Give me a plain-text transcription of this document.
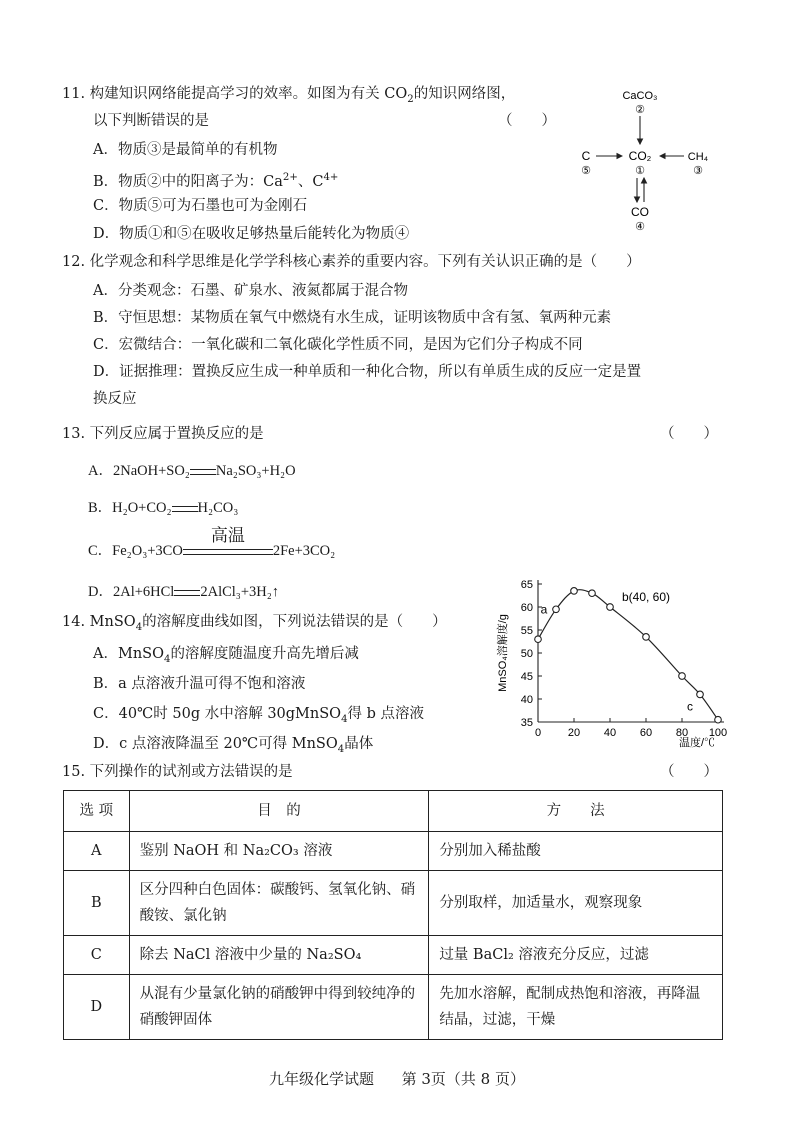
11. 构建知识网络能提高学习的效率。如图为有关 $CO_2$的知识网络图，
以下判断错误的是	（　　）
A．物质③是最简单的有机物
B．物质②中的阳离子为：$Ca^{2+}$、$C^{4+}$
C．物质⑤可为石墨也可为金刚石
D．物质①和⑤在吸收足够热量后能转化为物质④
CaCO₃
②
C
⑤
CO₂
①
CH₄
③
CO
④
12. 化学观念和科学思维是化学学科核心素养的重要内容。下列有关认识正确的是（　　）
A．分类观念：石墨、矿泉水、液氮都属于混合物
B．守恒思想：某物质在氧气中燃烧有水生成，证明该物质中含有氢、氧两种元素
C．宏微结合：一氧化碳和二氧化碳化学性质不同，是因为它们分子构成不同
D．证据推理：置换反应生成一种单质和一种化合物，所以有单质生成的反应一定是置
换反应
13. 下列反应属于置换反应的是	（　　）
A．2NaOH+SO₂ Na₂SO₃+H₂O
B．H₂O+CO₂ H₂CO₃
C．Fe₂O₃+3CO
高温
2Fe+3CO₂
D．2Al+6HCl 2AlCl₃+3H₂↑
14. MnSO$_4$的溶解度曲线如图，下列说法错误的是（　　）
A．MnSO$_4$的溶解度随温度升高先增后减
B．a 点溶液升温可得不饱和溶液
C．40℃时 50g 水中溶解 30gMnSO$_4$得 b 点溶液
D．c 点溶液降温至 20℃可得 MnSO$_4$晶体
35
40
45
50
55
60
65
0 20 40 60 80 100
a
b(40, 60)
c
温度/℃
MnSO₄溶解度/g
15. 下列操作的试剂或方法错误的是	（　　）
选 项	目　的	方　　法
A	鉴别 NaOH 和 Na₂CO₃ 溶液	分别加入稀盐酸
B	区分四种白色固体：碳酸钙、氢氧化钠、硝酸铵、氯化钠	分别取样，加适量水，观察现象
C	除去 NaCl 溶液中少量的 Na₂SO₄	过量 BaCl₂ 溶液充分反应，过滤
D	从混有少量氯化钠的硝酸钾中得到较纯净的硝酸钾固体	先加水溶解，配制成热饱和溶液，再降温结晶，过滤，干燥
九年级化学试题 第 3页（共 8 页）
